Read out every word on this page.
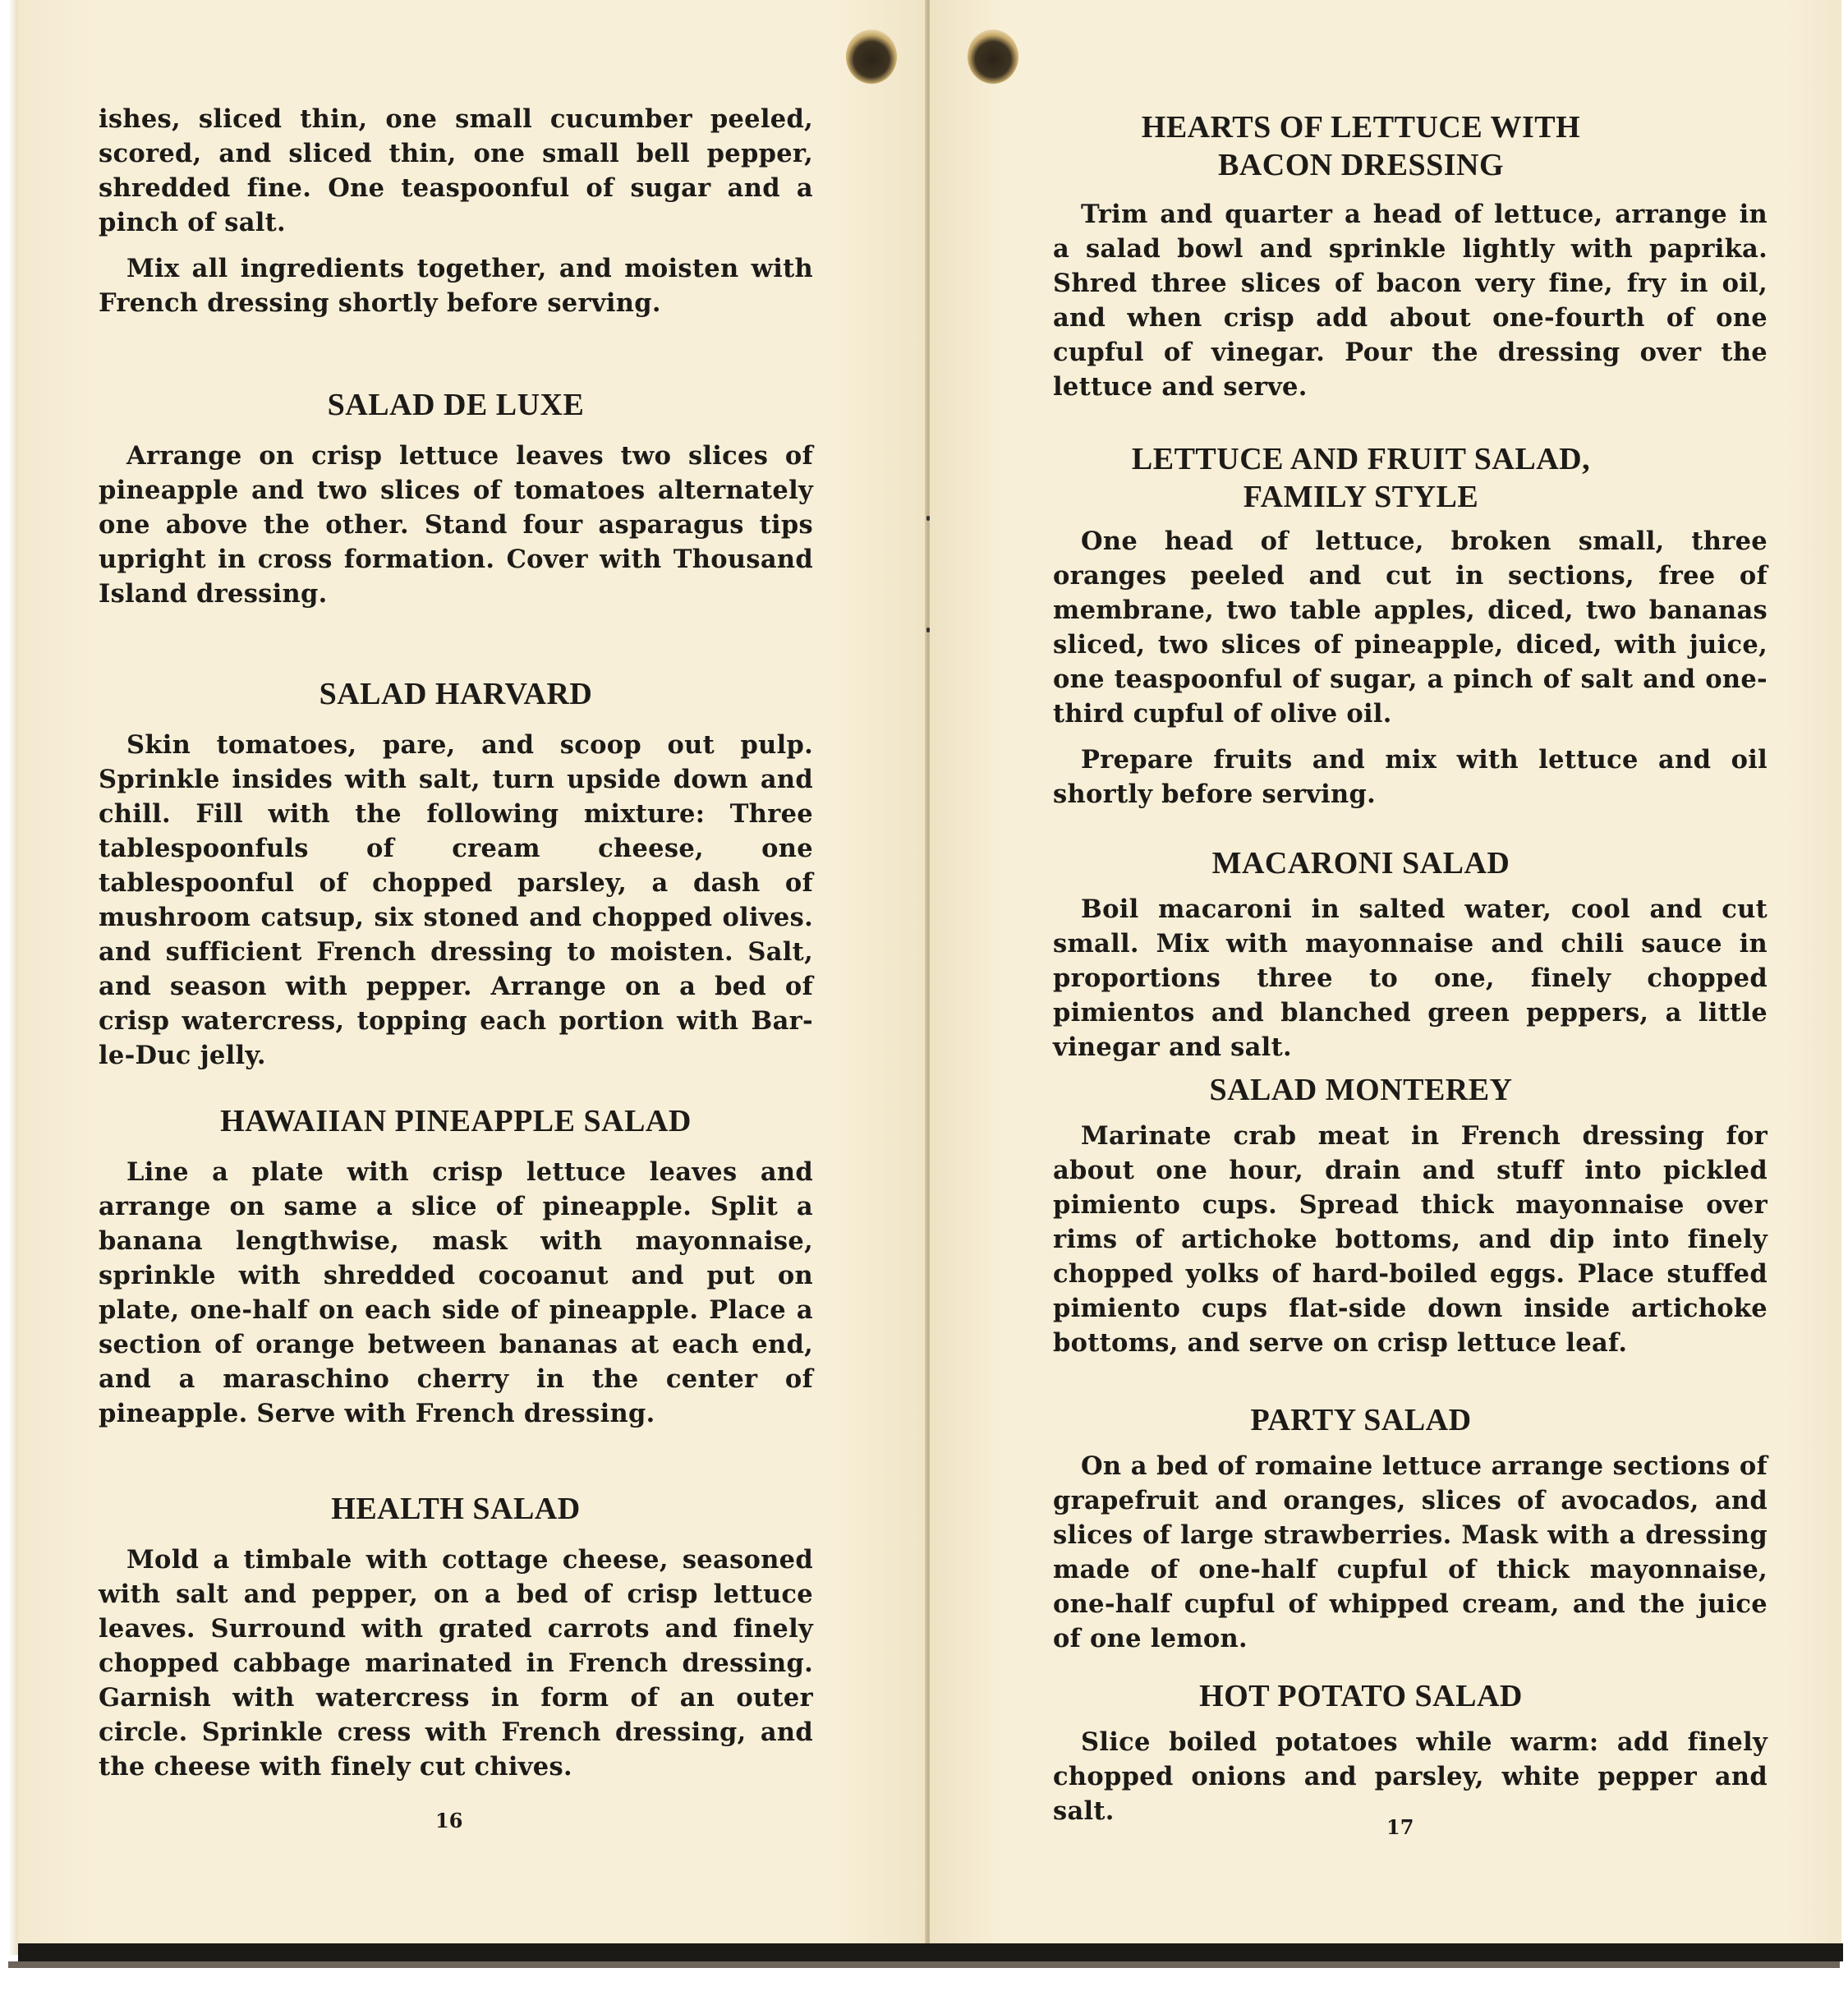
ishes, sliced thin, one small cucumber peeled, scored, and sliced thin, one small bell pepper, shredded fine. One teaspoonful of sugar and a pinch of salt.

Mix all ingredients together, and moisten with French dressing shortly before serving.

SALAD DE LUXE

Arrange on crisp lettuce leaves two slices of pineapple and two slices of tomatoes alternately one above the other. Stand four asparagus tips upright in cross formation. Cover with Thousand Island dressing.

SALAD HARVARD

Skin tomatoes, pare, and scoop out pulp. Sprinkle insides with salt, turn upside down and chill. Fill with the following mixture: Three tablespoonfuls of cream cheese, one tablespoonful of chopped parsley, a dash of mushroom catsup, six stoned and chopped olives. and sufficient French dressing to moisten. Salt, and season with pepper. Arrange on a bed of crisp watercress, topping each portion with Bar-le-Duc jelly.

HAWAIIAN PINEAPPLE SALAD

Line a plate with crisp lettuce leaves and arrange on same a slice of pineapple. Split a banana lengthwise, mask with mayonnaise, sprinkle with shredded cocoanut and put on plate, one-half on each side of pineapple. Place a section of orange between bananas at each end, and a maraschino cherry in the center of pineapple. Serve with French dressing.

HEALTH SALAD

Mold a timbale with cottage cheese, seasoned with salt and pepper, on a bed of crisp lettuce leaves. Surround with grated carrots and finely chopped cabbage marinated in French dressing. Garnish with watercress in form of an outer circle. Sprinkle cress with French dressing, and the cheese with finely cut chives.

16
HEARTS OF LETTUCE WITH
BACON DRESSING

Trim and quarter a head of lettuce, arrange in a salad bowl and sprinkle lightly with paprika. Shred three slices of bacon very fine, fry in oil, and when crisp add about one-fourth of one cupful of vinegar. Pour the dressing over the lettuce and serve.

LETTUCE AND FRUIT SALAD,
FAMILY STYLE

One head of lettuce, broken small, three oranges peeled and cut in sections, free of membrane, two table apples, diced, two bananas sliced, two slices of pineapple, diced, with juice, one teaspoonful of sugar, a pinch of salt and one-third cupful of olive oil.

Prepare fruits and mix with lettuce and oil shortly before serving.

MACARONI SALAD

Boil macaroni in salted water, cool and cut small. Mix with mayonnaise and chili sauce in proportions three to one, finely chopped pimientos and blanched green peppers, a little vinegar and salt.

SALAD MONTEREY

Marinate crab meat in French dressing for about one hour, drain and stuff into pickled pimiento cups. Spread thick mayonnaise over rims of artichoke bottoms, and dip into finely chopped yolks of hard-boiled eggs. Place stuffed pimiento cups flat-side down inside artichoke bottoms, and serve on crisp lettuce leaf.

PARTY SALAD

On a bed of romaine lettuce arrange sections of grapefruit and oranges, slices of avocados, and slices of large strawberries. Mask with a dressing made of one-half cupful of thick mayonnaise, one-half cupful of whipped cream, and the juice of one lemon.

HOT POTATO SALAD

Slice boiled potatoes while warm: add finely chopped onions and parsley, white pepper and salt.

17
